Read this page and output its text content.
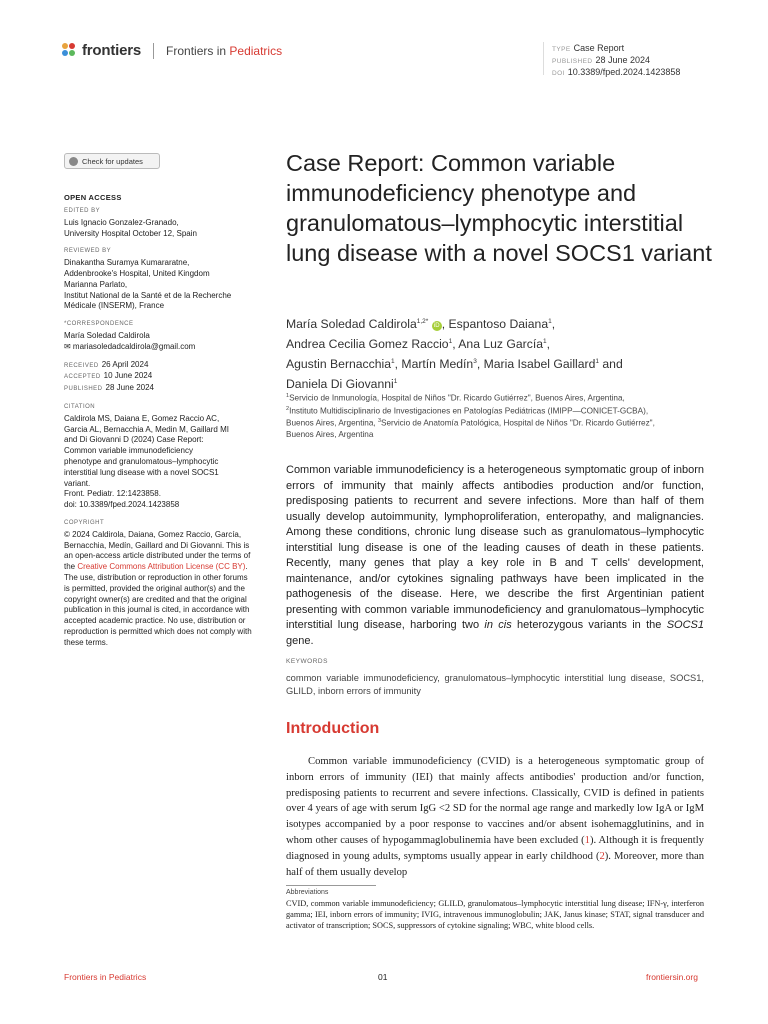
frontiers Frontiers in Pediatrics	TYPE Case Report
PUBLISHED 28 June 2024
DOI 10.3389/fped.2024.1423858
Check for updates
OPEN ACCESS
EDITED BY
Luis Ignacio Gonzalez-Granado,
University Hospital October 12, Spain
REVIEWED BY
Dinakantha Suramya Kumararatne,
Addenbrooke's Hospital, United Kingdom
Marianna Parlato,
Institut National de la Santé et de la Recherche
Médicale (INSERM), France
*CORRESPONDENCE
María Soledad Caldirola
✉ mariasoledadcaldirola@gmail.com
RECEIVED 26 April 2024
ACCEPTED 10 June 2024
PUBLISHED 28 June 2024
CITATION
Caldirola MS, Daiana E, Gomez Raccio AC,
Garcia AL, Bernacchia A, Medin M, Gaillard MI
and Di Giovanni D (2024) Case Report:
Common variable immunodeficiency
phenotype and granulomatous–lymphocytic
interstitial lung disease with a novel SOCS1
variant.
Front. Pediatr. 12:1423858.
doi: 10.3389/fped.2024.1423858
COPYRIGHT
© 2024 Caldirola, Daiana, Gomez Raccio, García, Bernacchia, Medín, Gaillard and Di Giovanni. This is an open-access article distributed under the terms of the Creative Commons Attribution License (CC BY). The use, distribution or reproduction in other forums is permitted, provided the original author(s) and the copyright owner(s) are credited and that the original publication in this journal is cited, in accordance with accepted academic practice. No use, distribution or reproduction is permitted which does not comply with these terms.
Case Report: Common variable immunodeficiency phenotype and granulomatous–lymphocytic interstitial lung disease with a novel SOCS1 variant
María Soledad Caldirola$^{1,2*}$ iD , Espantoso Daiana$^1$,
Andrea Cecilia Gomez Raccio$^1$, Ana Luz García$^1$,
Agustin Bernacchia$^1$, Martín Medín$^3$, Maria Isabel Gaillard$^1$ and
Daniela Di Giovanni$^1$
$^1$Servicio de Inmunología, Hospital de Niños "Dr. Ricardo Gutiérrez", Buenos Aires, Argentina,
$^2$Instituto Multidisciplinario de Investigaciones en Patologías Pediátricas (IMIPP—CONICET-GCBA),
Buenos Aires, Argentina, $^3$Servicio de Anatomía Patológica, Hospital de Niños "Dr. Ricardo Gutiérrez",
Buenos Aires, Argentina

Common variable immunodeficiency is a heterogeneous symptomatic group of inborn errors of immunity that mainly affects antibodies production and/or function, predisposing patients to recurrent and severe infections. More than half of them usually develop autoimmunity, lymphoproliferation, enteropathy, and malignancies. Among these conditions, chronic lung disease such as granulomatous–lymphocytic interstitial lung disease is one of the leading causes of death in these patients. Recently, many genes that play a key role in B and T cells' development, maintenance, and/or cytokines signaling pathways have been implicated in the pathogenesis of the disease. Here, we describe the first Argentinian patient presenting with common variable immunodeficiency and granulomatous–lymphocytic interstitial lung disease, harboring two in cis heterozygous variants in the SOCS1 gene.

KEYWORDS
common variable immunodeficiency, granulomatous–lymphocytic interstitial lung disease, SOCS1, GLILD, inborn errors of immunity
Introduction

Common variable immunodeficiency (CVID) is a heterogeneous symptomatic group of inborn errors of immunity (IEI) that mainly affects antibodies' production and/or function, predisposing patients to recurrent and severe infections. Classically, CVID is defined in patients over 4 years of age with serum IgG <2 SD for the normal age range and markedly low IgA or IgM isotypes accompanied by a poor response to vaccines and/or absent isohemagglutinins, and in whom other causes of hypogammaglobulinemia have been excluded (1). Although it is frequently diagnosed in young adults, symptoms usually appear in early childhood (2). Moreover, more than half of them usually develop

Abbreviations
CVID, common variable immunodeficiency; GLILD, granulomatous–lymphocytic interstitial lung disease; IFN-γ, interferon gamma; IEI, inborn errors of immunity; IVIG, intravenous immunoglobulin; JAK, Janus kinase; STAT, signal transducer and activator of transcription; SOCS, suppressors of cytokine signaling; WBC, white blood cells.
Frontiers in Pediatrics	01	frontiersin.org
